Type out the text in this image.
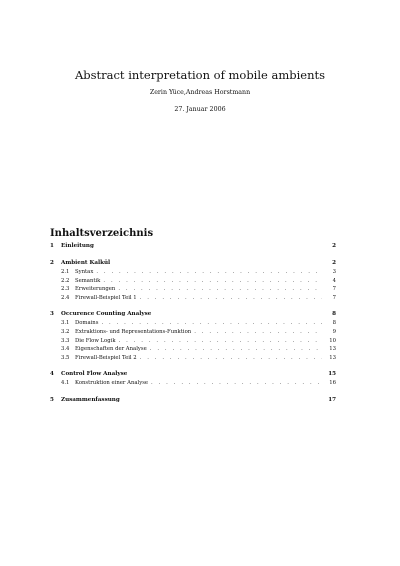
Abstract interpretation of mobile ambients
Zerin Yüce,Andreas Horstmann
27. Januar 2006
Inhaltsverzeichnis
1	Einleitung	2
2	Ambient Kalkül	2
2.1	Syntax . . .	3
2.2	Semantik . . .	4
2.3	Erweiterungen . . .	7
2.4	Firewall-Beispiel Teil 1 . . .	7
3	Occurence Counting Analyse	8
3.1	Domains . . .	8
3.2	Extraktions- und Representations-Funktion . . .	9
3.3	Die Flow Logik . . .	10
3.4	Eigenschaften der Analyse . . .	13
3.5	Firewall-Beispiel Teil 2 . . .	13
4	Control Flow Analyse	15
4.1	Konstruktion einer Analyse . . .	16
5	Zusammenfassung	17
